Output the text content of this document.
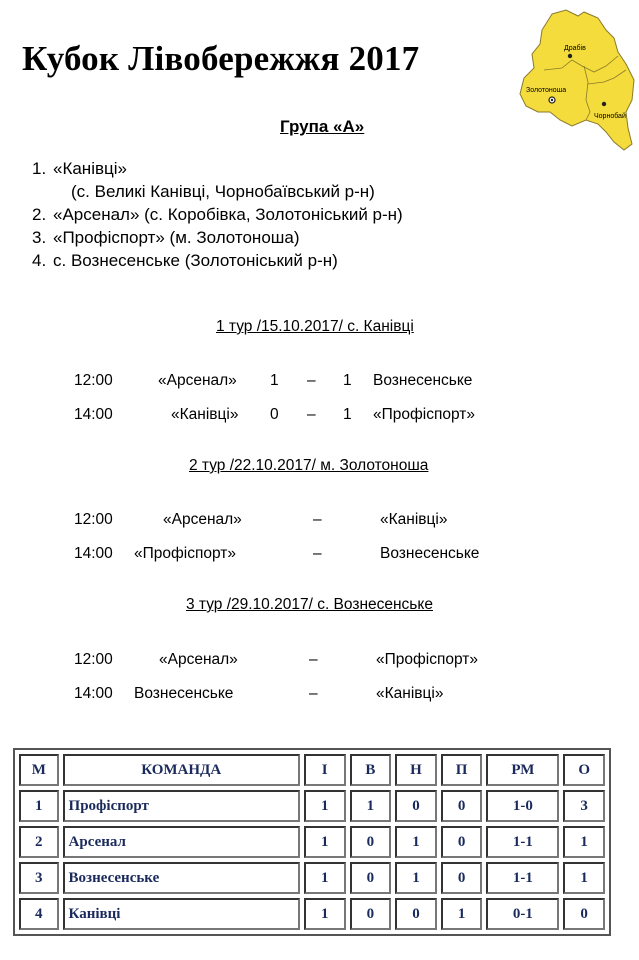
Кубок Лівобережжя 2017	Драбів
Золотоноша
Чорнобай
Група «А»
1. «Канівці»
(с. Великі Канівці, Чорнобаївський р-н)
2. «Арсенал» (с. Коробівка, Золотоніський р-н)
3. «Профіспорт» (м. Золотоноша)
4. с. Вознесенське (Золотоніський р-н)
1 тур /15.10.2017/ с. Канівці
12:00	«Арсенал» 1 – 1 Вознесенське
14:00	«Канівці» 0 – 1 «Профіспорт»
2 тур /22.10.2017/ м. Золотоноша
12:00	«Арсенал»	–	«Канівці»
14:00 «Профіспорт»	–	Вознесенське
3 тур /29.10.2017/ с. Вознесенське
12:00	«Арсенал»	–	«Профіспорт»
14:00 Вознесенське	–	«Канівці»
М	КОМАНДА	І	В	Н	П	РМ	О
1	Профіспорт	1	1	0	0	1-0	3
2	Арсенал	1	0	1	0	1-1	1
3	Вознесенське	1	0	1	0	1-1	1
4	Канівці	1	0	0	1	0-1	0
